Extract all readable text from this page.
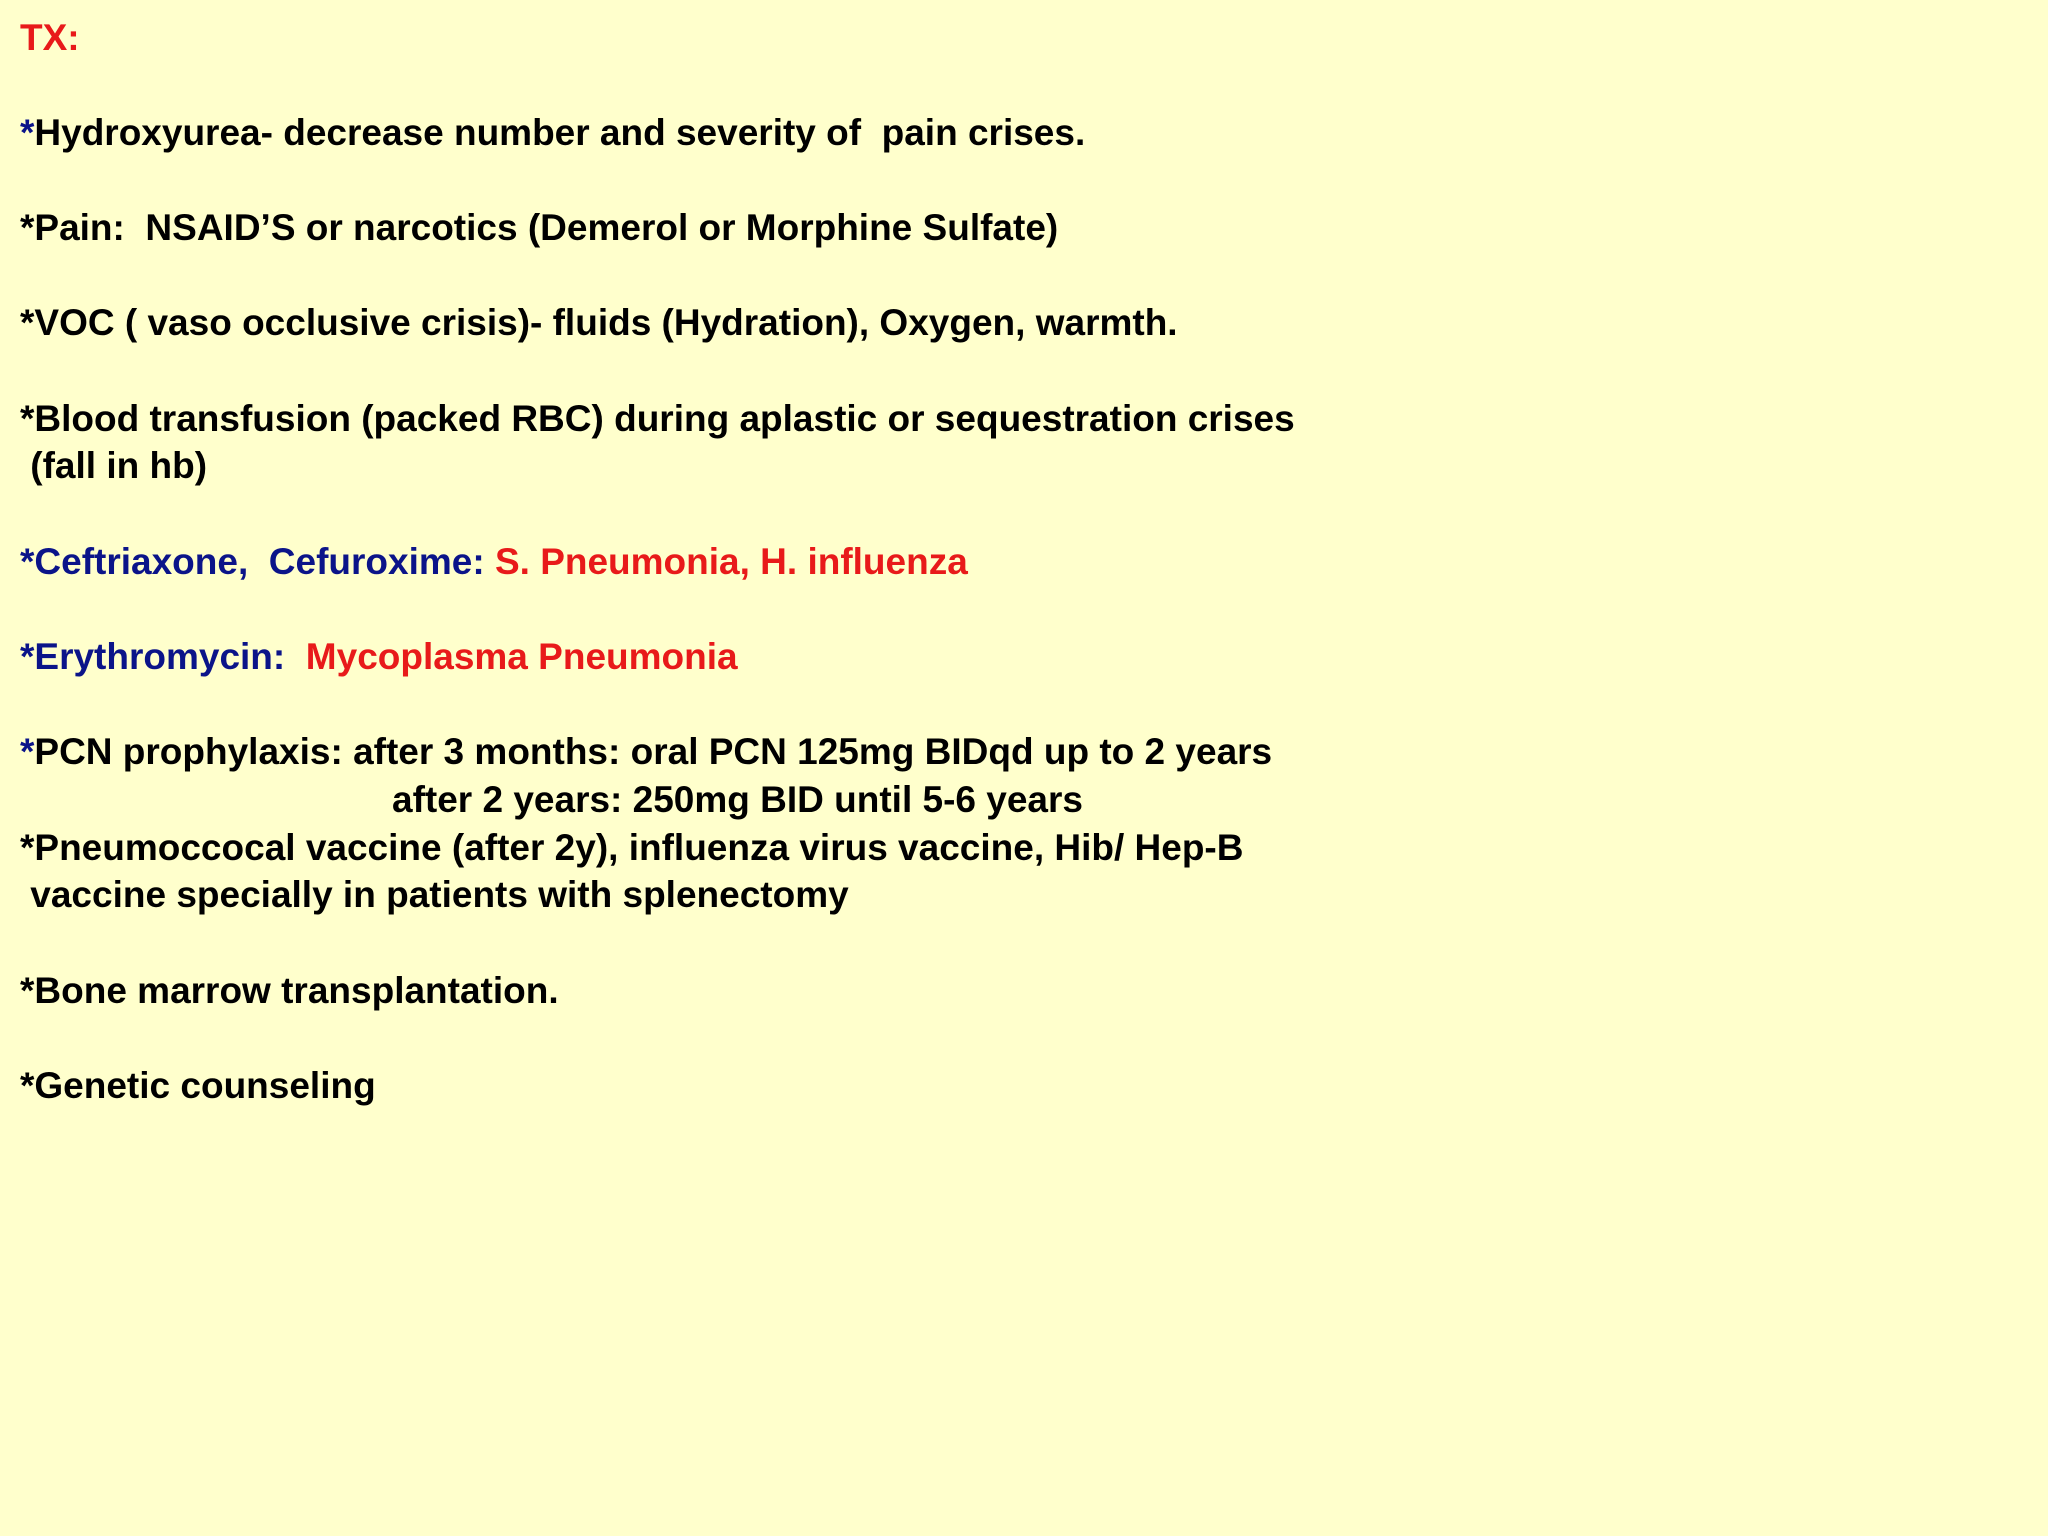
TX:
*Hydroxyurea- decrease number and severity of  pain crises.
*Pain:  NSAID’S or narcotics (Demerol or Morphine Sulfate)
*VOC ( vaso occlusive crisis)- fluids (Hydration), Oxygen, warmth.
*Blood transfusion (packed RBC) during aplastic or sequestration crises
(fall in hb)
*Ceftriaxone,  Cefuroxime: S. Pneumonia, H. influenza
*Erythromycin:  Mycoplasma Pneumonia
*PCN prophylaxis: after 3 months: oral PCN 125mg BIDqd up to 2 years
after 2 years: 250mg BID until 5-6 years
*Pneumoccocal vaccine (after 2y), influenza virus vaccine, Hib/ Hep-B
vaccine specially in patients with splenectomy
*Bone marrow transplantation.
*Genetic counseling
